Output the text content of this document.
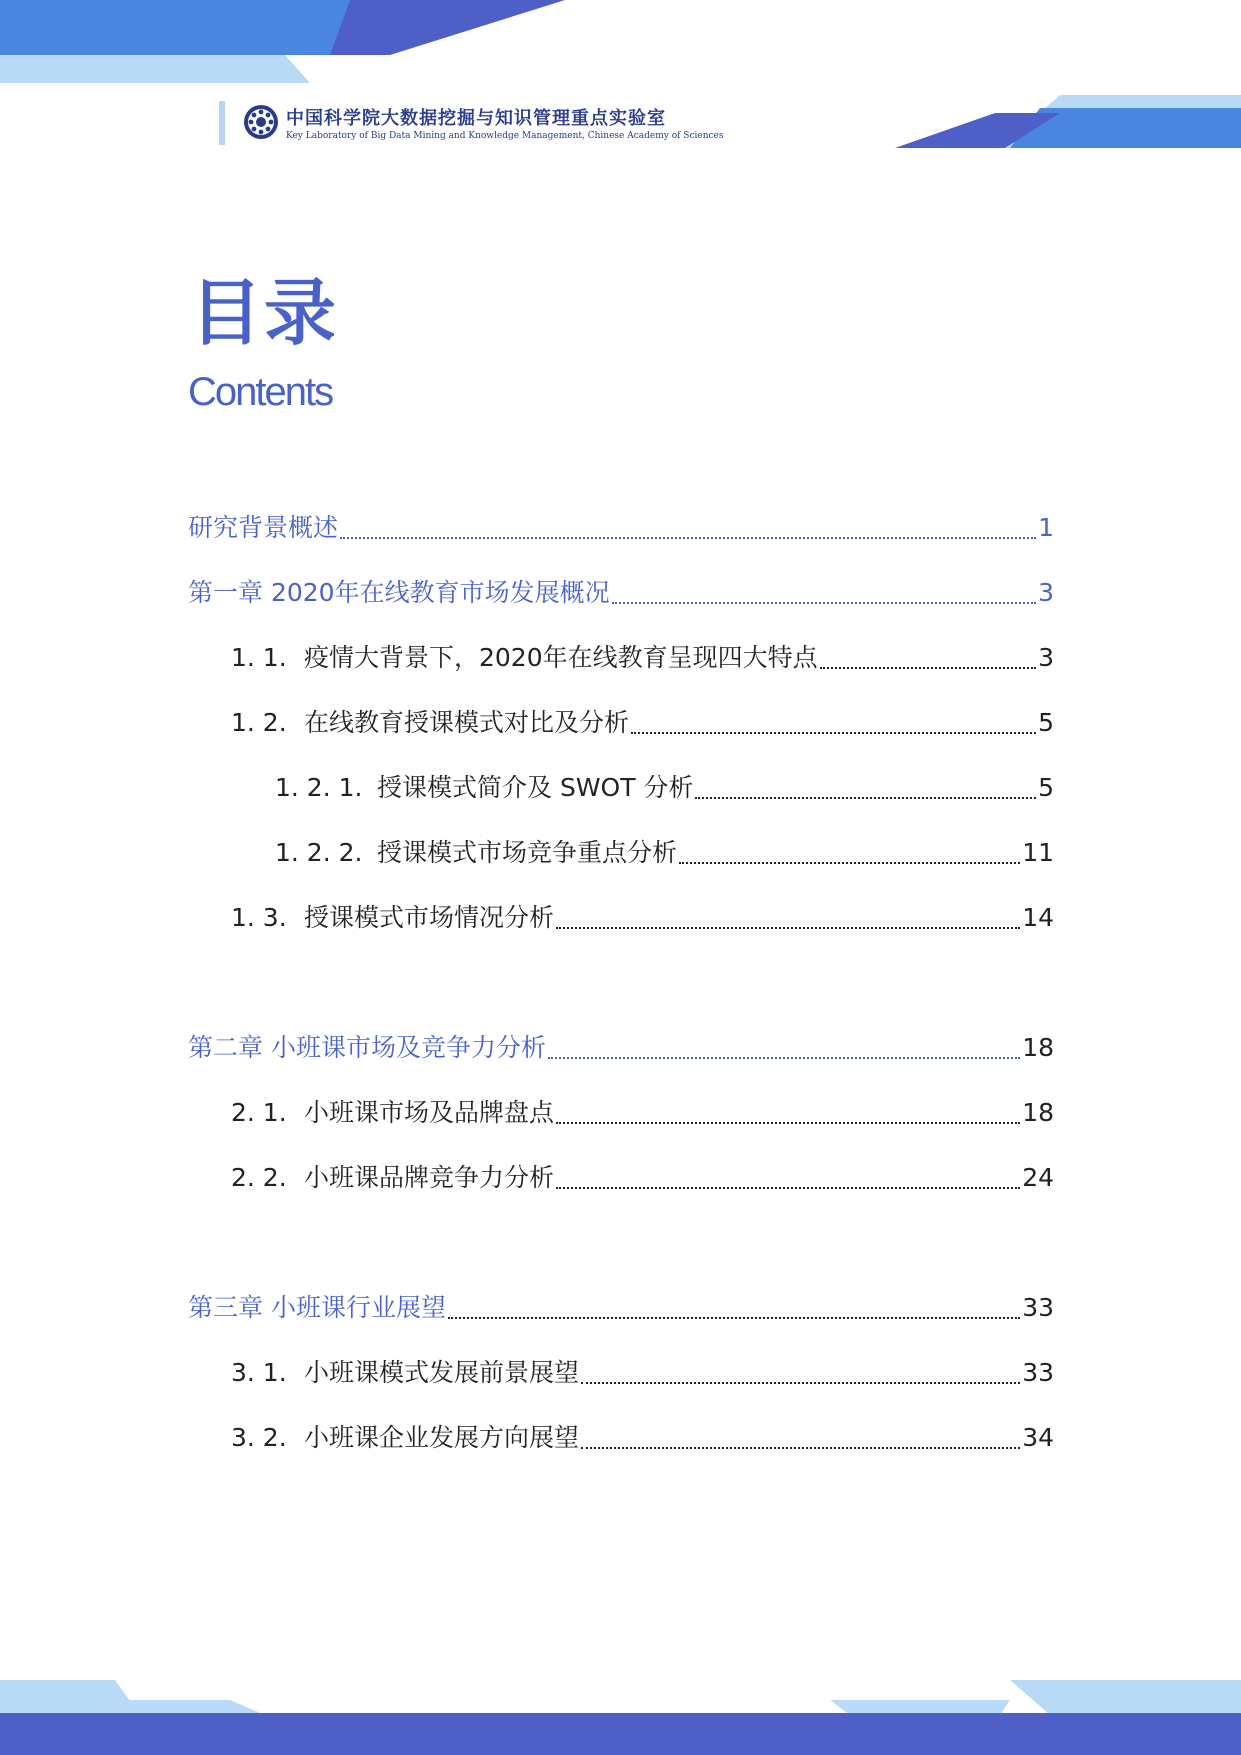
中国科学院大数据挖掘与知识管理重点实验室
Key Laboratory of Big Data Mining and Knowledge Management, Chinese Academy of Sciences
目录
Contents
研究背景概述	1
第一章 2020年在线教育市场发展概况	3
1. 1. 疫情大背景下，2020年在线教育呈现四大特点	3
1. 2. 在线教育授课模式对比及分析	5
1. 2. 1. 授课模式简介及 SWOT 分析	5
1. 2. 2. 授课模式市场竞争重点分析	11
1. 3. 授课模式市场情况分析	14
第二章 小班课市场及竞争力分析	18
2. 1. 小班课市场及品牌盘点	18
2. 2. 小班课品牌竞争力分析	24
第三章 小班课行业展望	33
3. 1. 小班课模式发展前景展望	33
3. 2. 小班课企业发展方向展望	34
